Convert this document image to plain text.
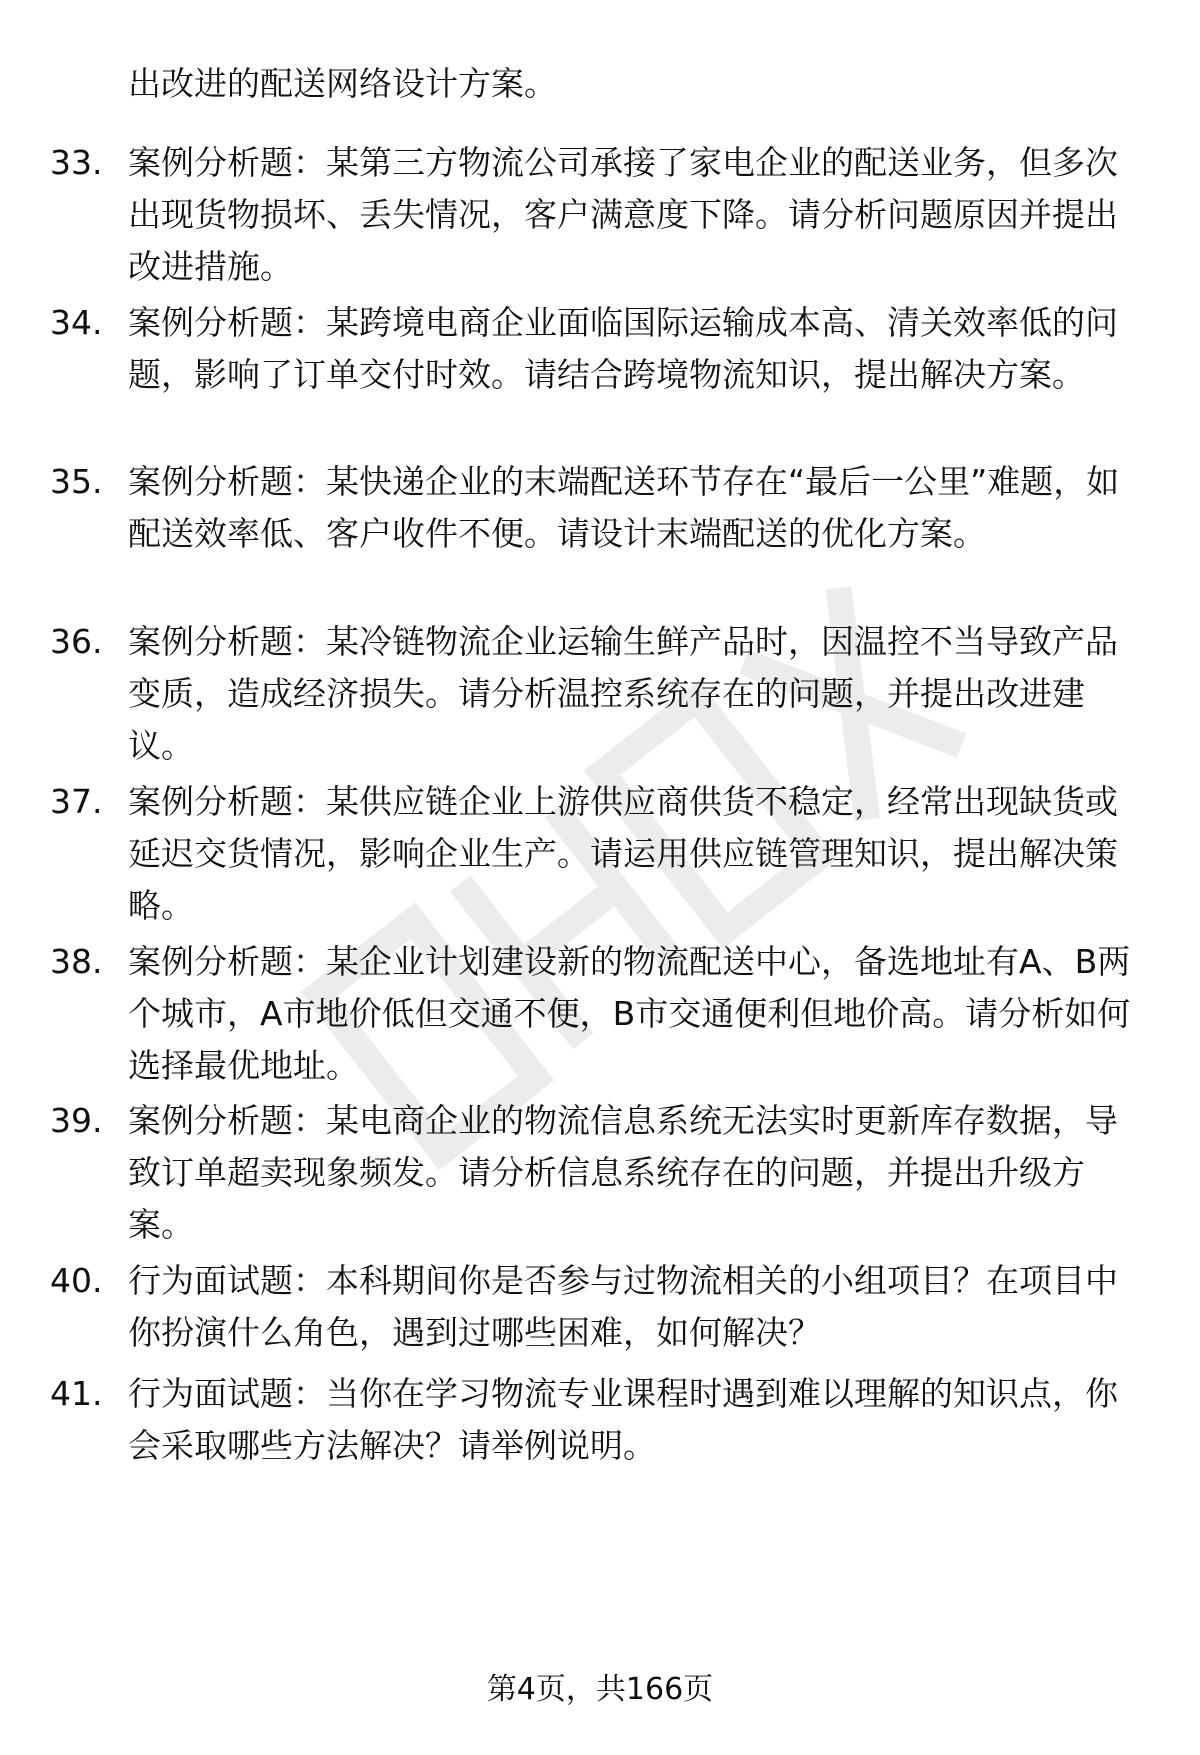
出改进的配送网络设计方案。
33. 案例分析题：某第三方物流公司承接了家电企业的配送业务，但多次出现货物损坏、丢失情况，客户满意度下降。请分析问题原因并提出改进措施。
34. 案例分析题：某跨境电商企业面临国际运输成本高、清关效率低的问题，影响了订单交付时效。请结合跨境物流知识，提出解决方案。
35. 案例分析题：某快递企业的末端配送环节存在“最后一公里”难题，如配送效率低、客户收件不便。请设计末端配送的优化方案。
36. 案例分析题：某冷链物流企业运输生鲜产品时，因温控不当导致产品变质，造成经济损失。请分析温控系统存在的问题，并提出改进建议。
37. 案例分析题：某供应链企业上游供应商供货不稳定，经常出现缺货或延迟交货情况，影响企业生产。请运用供应链管理知识，提出解决策略。
38. 案例分析题：某企业计划建设新的物流配送中心，备选地址有A、B两个城市，A市地价低但交通不便，B市交通便利但地价高。请分析如何选择最优地址。
39. 案例分析题：某电商企业的物流信息系统无法实时更新库存数据，导致订单超卖现象频发。请分析信息系统存在的问题，并提出升级方案。
40. 行为面试题：本科期间你是否参与过物流相关的小组项目？在项目中你扮演什么角色，遇到过哪些困难，如何解决？
41. 行为面试题：当你在学习物流专业课程时遇到难以理解的知识点，你会采取哪些方法解决？请举例说明。
第4页，共166页
